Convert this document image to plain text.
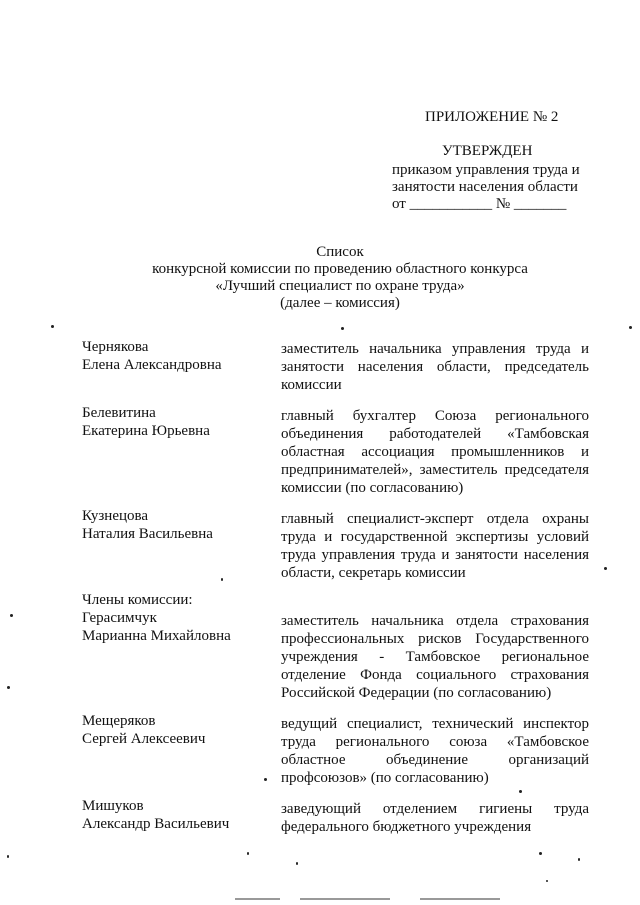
ПРИЛОЖЕНИЕ № 2
УТВЕРЖДЕН
приказом управления труда и
занятости населения области
от ___________ № _______
Список
конкурсной комиссии по проведению областного конкурса
«Лучший специалист по охране труда»
(далее – комиссия)
Чернякова
Елена Александровна
заместитель начальника управления труда и занятости населения области, председатель комиссии
Белевитина
Екатерина Юрьевна
главный бухгалтер Союза регионального объединения работодателей «Тамбовская областная ассоциация промышленников и предпринимателей», заместитель председателя комиссии (по согласованию)
Кузнецова
Наталия Васильевна
главный специалист-эксперт отдела охраны труда и государственной экспертизы условий труда управления труда и занятости населения области, секретарь комиссии
Члены комиссии:
Герасимчук
Марианна Михайловна
заместитель начальника отдела страхования профессиональных рисков Государственного учреждения - Тамбовское региональное отделение Фонда социального страхования Российской Федерации (по согласованию)
Мещеряков
Сергей Алексеевич
ведущий специалист, технический инспектор труда регионального союза «Тамбовское областное объединение организаций профсоюзов» (по согласованию)
Мишуков
Александр Васильевич
заведующий отделением гигиены труда федерального бюджетного учреждения
